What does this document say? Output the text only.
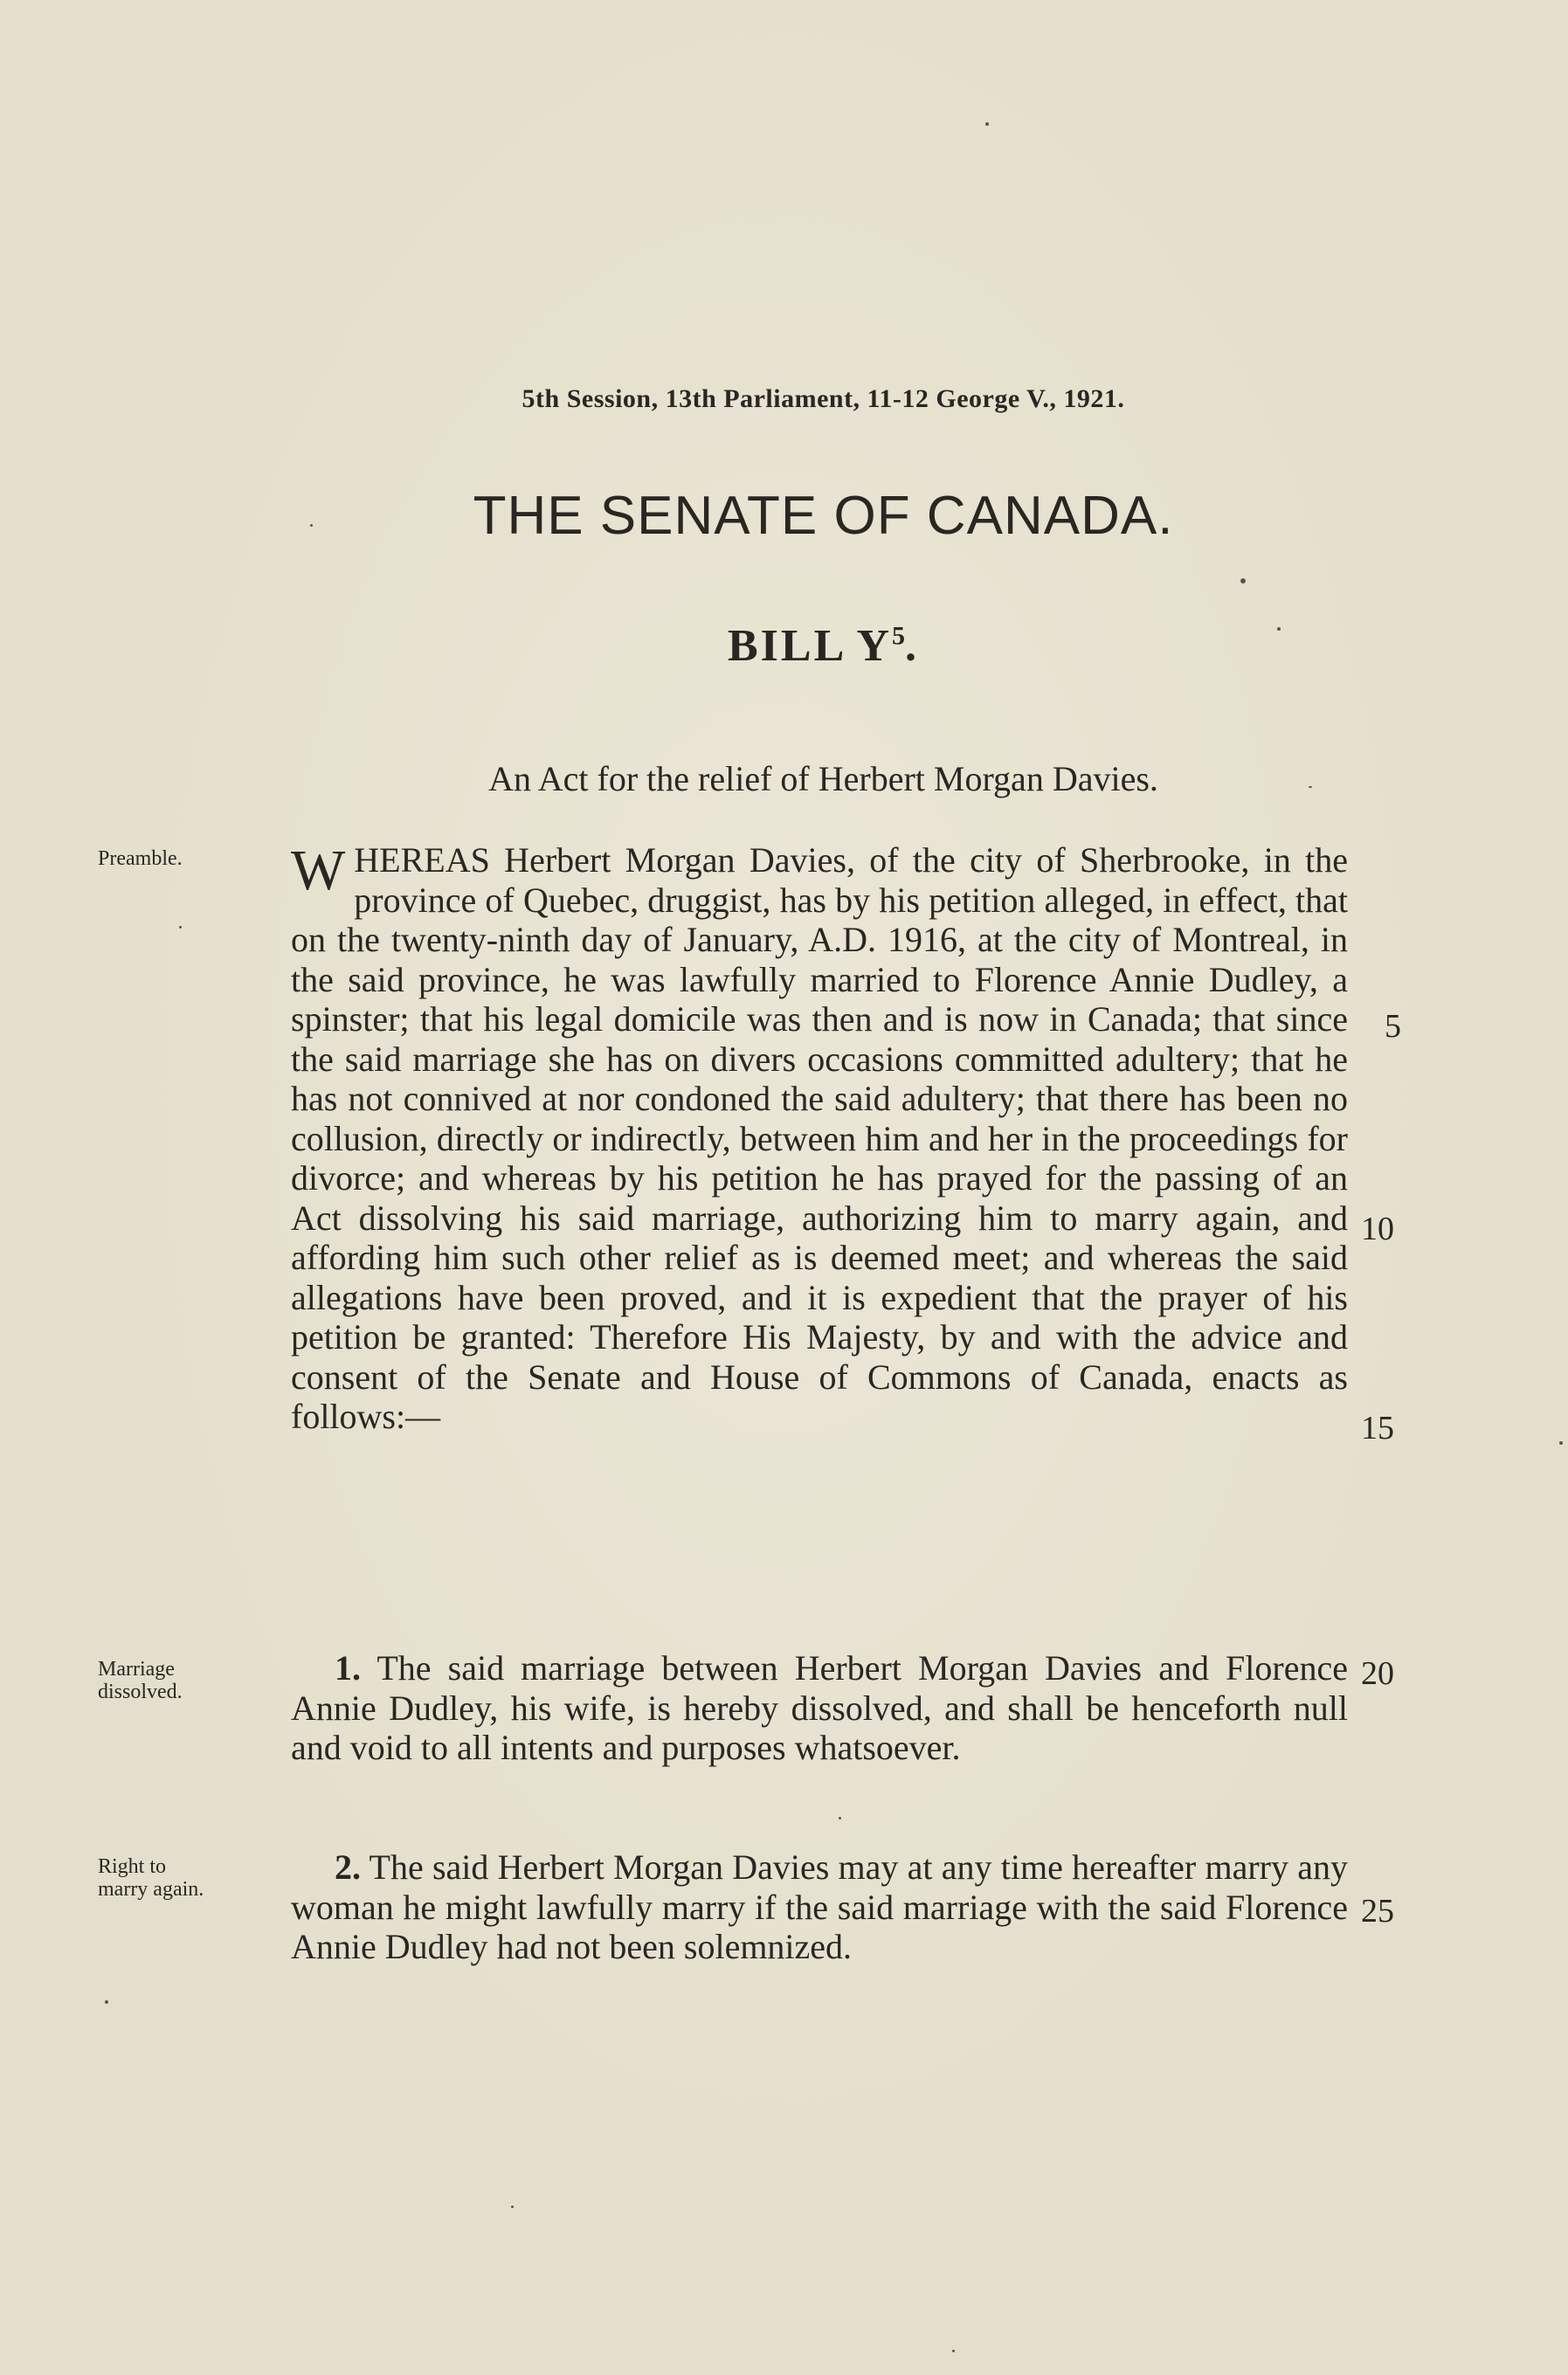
5th Session, 13th Parliament, 11-12 George V., 1921.
THE SENATE OF CANADA.
BILL $Y^5$.
An Act for the relief of Herbert Morgan Davies.
Preamble.
Marriage
dissolved.
Right to
marry again.

WHEREAS Herbert Morgan Davies, of the city of Sherbrooke, in the province of Quebec, druggist, has by his petition alleged, in effect, that on the twenty-ninth day of January, A.D. 1916, at the city of Montreal, in the said province, he was lawfully married to Florence Annie Dudley, a spinster; that his legal domicile was then and is now in Canada; that since the said marriage she has on divers occasions committed adultery; that he has not connived at nor condoned the said adultery; that there has been no collusion, directly or indirectly, between him and her in the proceedings for divorce; and whereas by his petition he has prayed for the passing of an Act dissolving his said marriage, authorizing him to marry again, and affording him such other relief as is deemed meet; and whereas the said allegations have been proved, and it is expedient that the prayer of his petition be granted: Therefore His Majesty, by and with the advice and consent of the Senate and House of Commons of Canada, enacts as follows:—

1. The said marriage between Herbert Morgan Davies and Florence Annie Dudley, his wife, is hereby dissolved, and shall be henceforth null and void to all intents and purposes whatsoever.

2. The said Herbert Morgan Davies may at any time hereafter marry any woman he might lawfully marry if the said marriage with the said Florence Annie Dudley had not been solemnized.

5
10
15
20
25
